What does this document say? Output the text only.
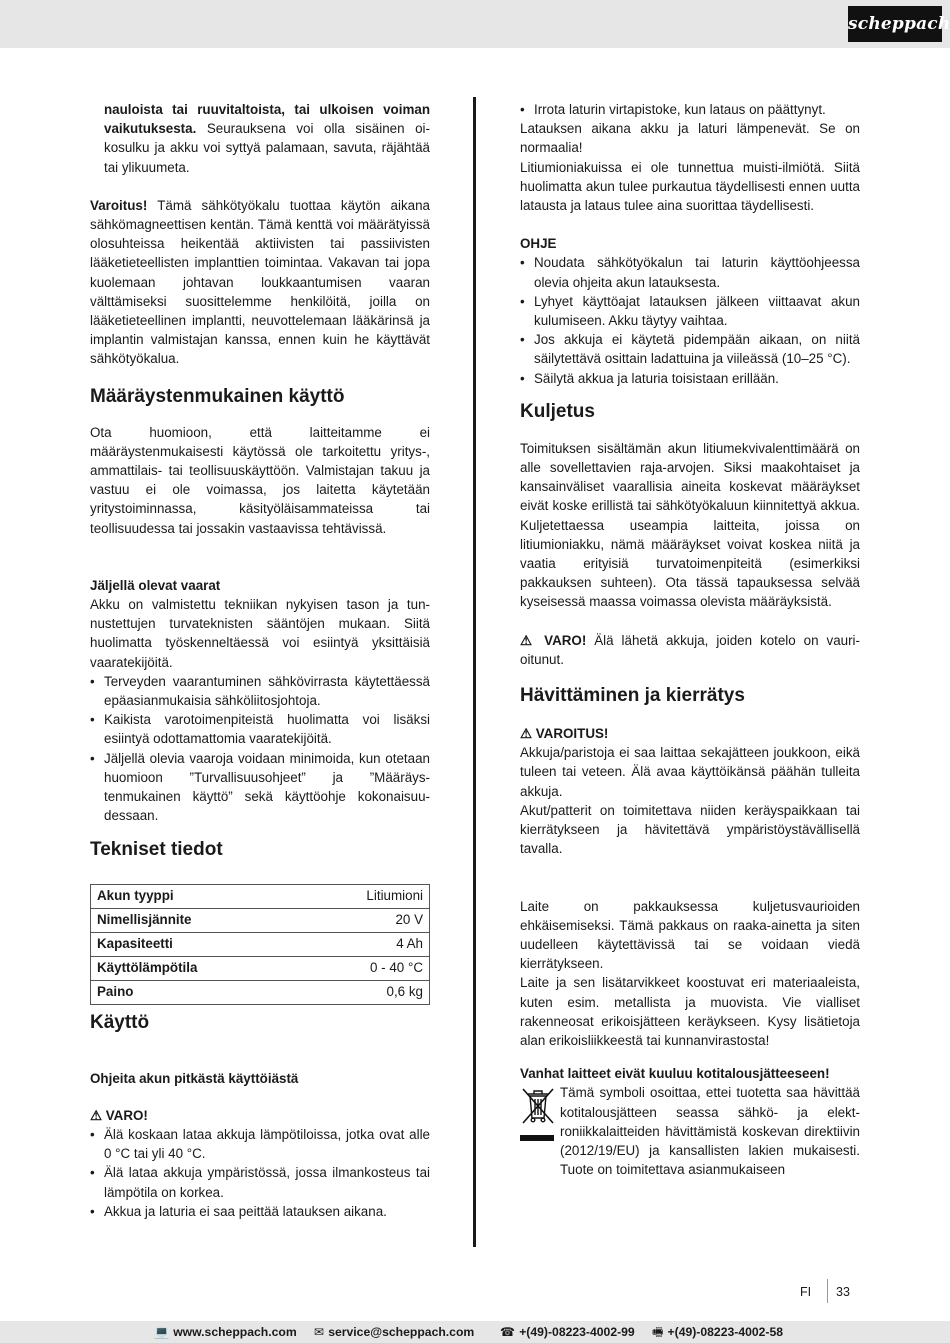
scheppach

nauloista tai ruuvitaltoista, tai ulkoisen voiman vaikutuksesta. Seurauksena voi olla sisäinen oikosulku ja akku voi syttyä palamaan, savuta, räjähtää tai ylikuumeta.

Varoitus! Tämä sähkötyökalu tuottaa käytön aikana sähkömagneettisen kentän. Tämä kenttä voi määrätyissä olosuhteissa heikentää aktiivisten tai passiivisten lääketieteellisten implanttien toimintaa. Vakavan tai jopa kuolemaan johtavan loukkaantumisen vaaran välttämiseksi suosittelemme henkilöitä, joilla on lääketieteellinen implantti, neuvottelemaan lääkärinsä ja implantin valmistajan kanssa, ennen kuin he käyttävät sähkötyökalua.

Määräystenmukainen käyttö

Ota huomioon, että laitteitamme ei määräystenmukaisesti käytössä ole tarkoitettu yritys-, ammattilais- tai teollisuuskäyttöön. Valmistajan takuu ja vastuu ei ole voimassa, jos laitetta käytetään yritystoiminnassa, käsityöläisammateissa tai teollisuudessa tai jossakin vastaavissa tehtävissä.

Jäljellä olevat vaarat

Akku on valmistettu tekniikan nykyisen tason ja tunnustettujen turvateknisten sääntöjen mukaan. Siitä huolimatta työskenneltäessä voi esiintyä yksittäisiä vaaratekijöitä.

• Terveyden vaarantuminen sähkövirrasta käytettäessä epäasianmukaisia sähköliitosjohtoja.
• Kaikista varotoimenpiteistä huolimatta voi lisäksi esiintyä odottamattomia vaaratekijöitä.
• Jäljellä olevia vaaroja voidaan minimoida, kun otetaan huomioon ”Turvallisuusohjeet” ja ”Määräystenmukainen käyttö” sekä käyttöohje kokonaisuudessaan.
Tekniset tiedot
Akun tyyppi	Litiumioni
Nimellisjännite	20 V
Kapasiteetti	4 Ah
Käyttölämpötila	0 - 40 °C
Paino	0,6 kg
Käyttö
Ohjeita akun pitkästä käyttöiästä

⚠ VARO!

• Älä koskaan lataa akkuja lämpötiloissa, jotka ovat alle 0 °C tai yli 40 °C.
• Älä lataa akkuja ympäristössä, jossa ilmankosteus tai lämpötila on korkea.
• Akkua ja laturia ei saa peittää latauksen aikana.
• Irrota laturin virtapistoke, kun lataus on päättynyt.

Latauksen aikana akku ja laturi lämpenevät. Se on normaalia!

Litiumioniakuissa ei ole tunnettua muisti-ilmiötä. Siitä huolimatta akun tulee purkautua täydellisesti ennen uutta latausta ja lataus tulee aina suorittaa täydellisesti.

OHJE
• Noudata sähkötyökalun tai laturin käyttöohjeessa olevia ohjeita akun latauksesta.
• Lyhyet käyttöajat latauksen jälkeen viittaavat akun kulumiseen. Akku täytyy vaihtaa.
• Jos akkuja ei käytetä pidempään aikaan, on niitä säilytettävä osittain ladattuina ja viileässä (10–25 °C).
• Säilytä akkua ja laturia toisistaan erillään.
Kuljetus

Toimituksen sisältämän akun litiumekvivalenttimäärä on alle sovellettavien raja-arvojen. Siksi maakohtaiset ja kansainväliset vaarallisia aineita koskevat määräykset eivät koske erillistä tai sähkötyökaluun kiinnitettyä akkua. Kuljetettaessa useampia laitteita, joissa on litiumioniakku, nämä määräykset voivat koskea niitä ja vaatia erityisiä turvatoimenpiteitä (esimerkiksi pakkauksen suhteen). Ota tässä tapauksessa selvää kyseisessä maassa voimassa olevista määräyksistä.

⚠ VARO! Älä lähetä akkuja, joiden kotelo on vaurioitunut.

Hävittäminen ja kierrätys

⚠ VAROITUS!

Akkuja/paristoja ei saa laittaa sekajätteen joukkoon, eikä tuleen tai veteen. Älä avaa käyttöikänsä päähän tulleita akkuja.

Akut/patterit on toimitettava niiden keräyspaikkaan tai kierrätykseen ja hävitettävä ympäristöystävällisellä tavalla.

Laite on pakkauksessa kuljetusvaurioiden ehkäisemiseksi. Tämä pakkaus on raaka-ainetta ja siten uudelleen käytettävissä tai se voidaan viedä kierrätykseen.

Laite ja sen lisätarvikkeet koostuvat eri materiaaleista, kuten esim. metallista ja muovista. Vie vialliset rakenneosat erikoisjätteen keräykseen. Kysy lisätietoja alan erikoisliikkeestä tai kunnanvirastosta!

Vanhat laitteet eivät kuuluu kotitalousjätteeseen!

Tämä symboli osoittaa, ettei tuotetta saa hävittää kotitalousjätteen seassa sähkö- ja elektroniikkalaitteiden hävittämistä koskevan direktiivin (2012/19/EU) ja kansallisten lakien mukaisesti. Tuote on toimitettava asianmukaiseen

FI 33
💻 www.scheppach.com ✉ service@scheppach.com ☎ +(49)-08223-4002-99 🖷 +(49)-08223-4002-58
